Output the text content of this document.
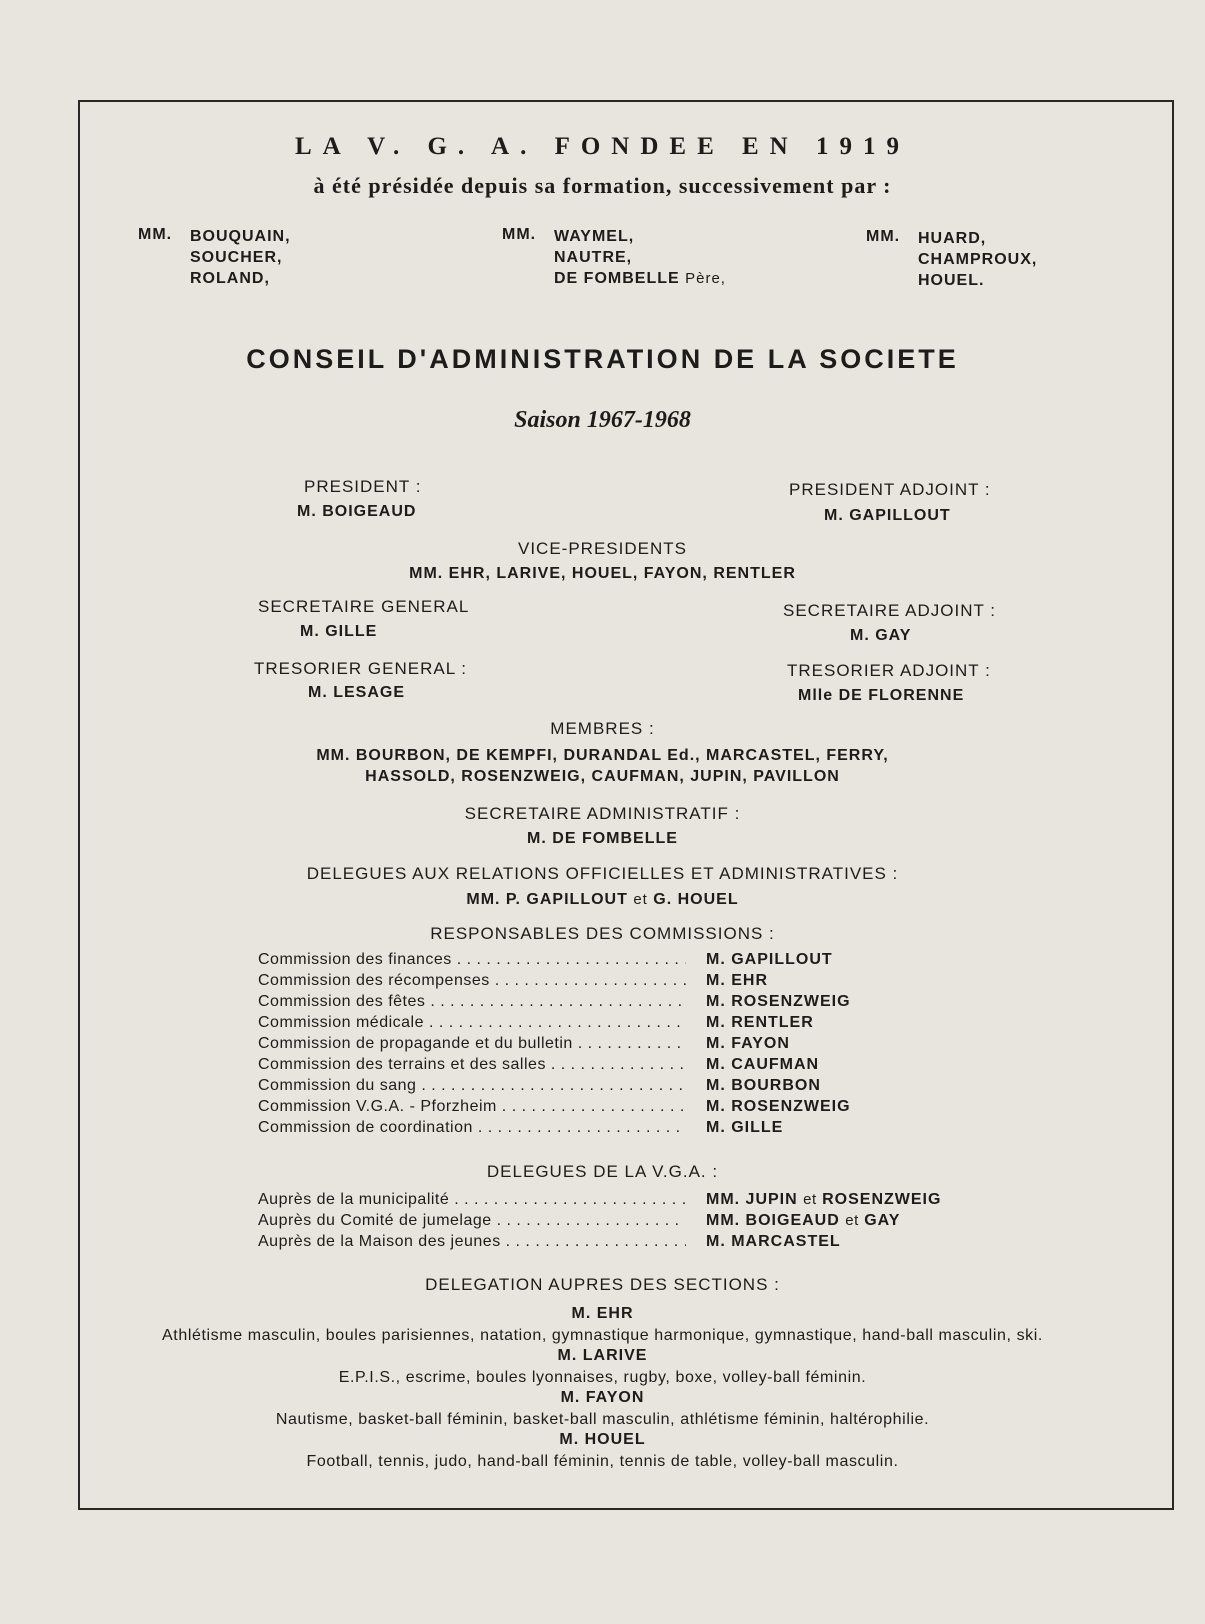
LA V. G. A. FONDEE EN 1919
à été présidée depuis sa formation, successivement par :
MM. BOUQUAIN,
SOUCHER,
ROLAND,
MM. WAYMEL,
NAUTRE,
DE FOMBELLE Père,
MM. HUARD,
CHAMPROUX,
HOUEL.
CONSEIL D'ADMINISTRATION DE LA SOCIETE
Saison 1967-1968
PRESIDENT :
M. BOIGEAUD
PRESIDENT ADJOINT :
M. GAPILLOUT
VICE-PRESIDENTS
MM. EHR, LARIVE, HOUEL, FAYON, RENTLER
SECRETAIRE GENERAL
M. GILLE
SECRETAIRE ADJOINT :
M. GAY
TRESORIER GENERAL :
M. LESAGE
TRESORIER ADJOINT :
Mlle DE FLORENNE
MEMBRES :
MM. BOURBON, DE KEMPFI, DURANDAL Ed., MARCASTEL, FERRY,
HASSOLD, ROSENZWEIG, CAUFMAN, JUPIN, PAVILLON
SECRETAIRE ADMINISTRATIF :
M. DE FOMBELLE
DELEGUES AUX RELATIONS OFFICIELLES ET ADMINISTRATIVES :
MM. P. GAPILLOUT et G. HOUEL
RESPONSABLES DES COMMISSIONS :
Commission des finances . . .	M. GAPILLOUT
Commission des récompenses . . .	M. EHR
Commission des fêtes . . .	M. ROSENZWEIG
Commission médicale . . .	M. RENTLER
Commission de propagande et du bulletin . . .	M. FAYON
Commission des terrains et des salles . . .	M. CAUFMAN
Commission du sang . . .	M. BOURBON
Commission V.G.A. - Pforzheim . . .	M. ROSENZWEIG
Commission de coordination . . .	M. GILLE
DELEGUES DE LA V.G.A. :
Auprès de la municipalité . . .	MM. JUPIN et ROSENZWEIG
Auprès du Comité de jumelage . . .	MM. BOIGEAUD et GAY
Auprès de la Maison des jeunes . . .	M. MARCASTEL
DELEGATION AUPRES DES SECTIONS :
M. EHR
Athlétisme masculin, boules parisiennes, natation, gymnastique harmonique, gymnastique, hand-ball masculin, ski.
M. LARIVE
E.P.I.S., escrime, boules lyonnaises, rugby, boxe, volley-ball féminin.
M. FAYON
Nautisme, basket-ball féminin, basket-ball masculin, athlétisme féminin, haltérophilie.
M. HOUEL
Football, tennis, judo, hand-ball féminin, tennis de table, volley-ball masculin.
